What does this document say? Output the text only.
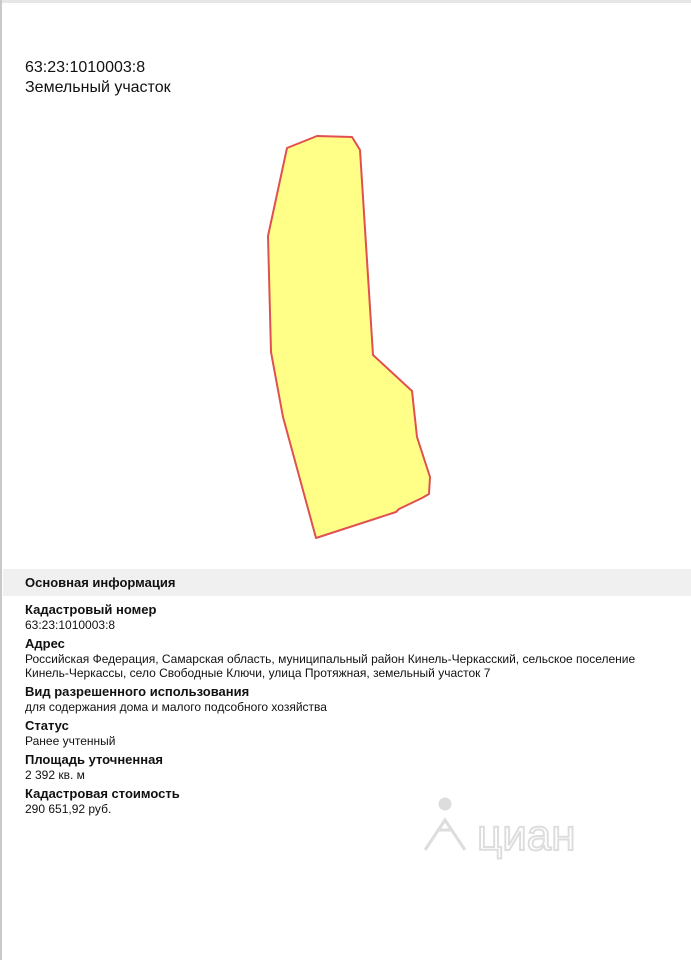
63:23:1010003:8
Земельный участок
Основная информация
Кадастровый номер
63:23:1010003:8
Адрес
Российская Федерация, Самарская область, муниципальный район Кинель-Черкасский, сельское поселение Кинель-Черкассы, село Свободные Ключи, улица Протяжная, земельный участок 7
Вид разрешенного использования
для содержания дома и малого подсобного хозяйства
Статус
Ранее учтенный
Площадь уточненная
2 392 кв. м
Кадастровая стоимость
290 651,92 руб.
циан
